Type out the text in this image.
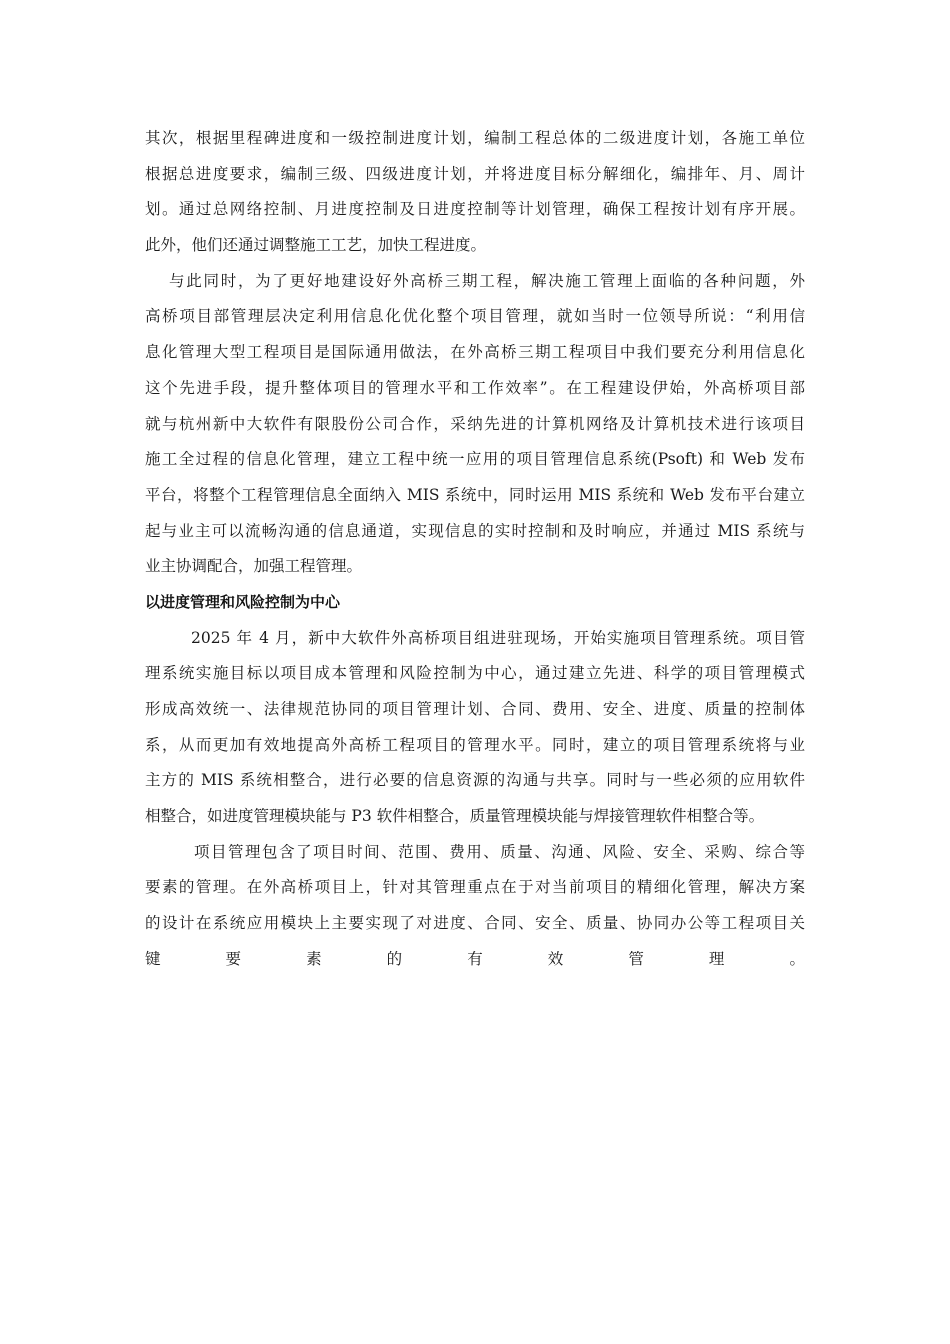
其次，根据里程碑进度和一级控制进度计划，编制工程总体的二级进度计划，各施工单位
根据总进度要求，编制三级、四级进度计划，并将进度目标分解细化，编排年、月、周计
划。通过总网络控制、月进度控制及日进度控制等计划管理，确保工程按计划有序开展。
此外，他们还通过调整施工工艺，加快工程进度。
与此同时，为了更好地建设好外高桥三期工程，解决施工管理上面临的各种问题，外
高桥项目部管理层决定利用信息化优化整个项目管理，就如当时一位领导所说：“利用信
息化管理大型工程项目是国际通用做法，在外高桥三期工程项目中我们要充分利用信息化
这个先进手段，提升整体项目的管理水平和工作效率”。在工程建设伊始，外高桥项目部
就与杭州新中大软件有限股份公司合作，采纳先进的计算机网络及计算机技术进行该项目
施工全过程的信息化管理，建立工程中统一应用的项目管理信息系统(Psoft) 和 Web 发布
平台，将整个工程管理信息全面纳入 MIS 系统中，同时运用 MIS 系统和 Web 发布平台建立
起与业主可以流畅沟通的信息通道，实现信息的实时控制和及时响应，并通过 MIS 系统与
业主协调配合，加强工程管理。
以进度管理和风险控制为中心
2025 年 4 月，新中大软件外高桥项目组进驻现场，开始实施项目管理系统。项目管
理系统实施目标以项目成本管理和风险控制为中心，通过建立先进、科学的项目管理模式
形成高效统一、法律规范协同的项目管理计划、合同、费用、安全、进度、质量的控制体
系，从而更加有效地提高外高桥工程项目的管理水平。同时，建立的项目管理系统将与业
主方的 MIS 系统相整合，进行必要的信息资源的沟通与共享。同时与一些必须的应用软件
相整合，如进度管理模块能与 P3 软件相整合，质量管理模块能与焊接管理软件相整合等。
项目管理包含了项目时间、范围、费用、质量、沟通、风险、安全、采购、综合等
要素的管理。在外高桥项目上，针对其管理重点在于对当前项目的精细化管理，解决方案
的设计在系统应用模块上主要实现了对进度、合同、安全、质量、协同办公等工程项目关
键要素的有效管理。
